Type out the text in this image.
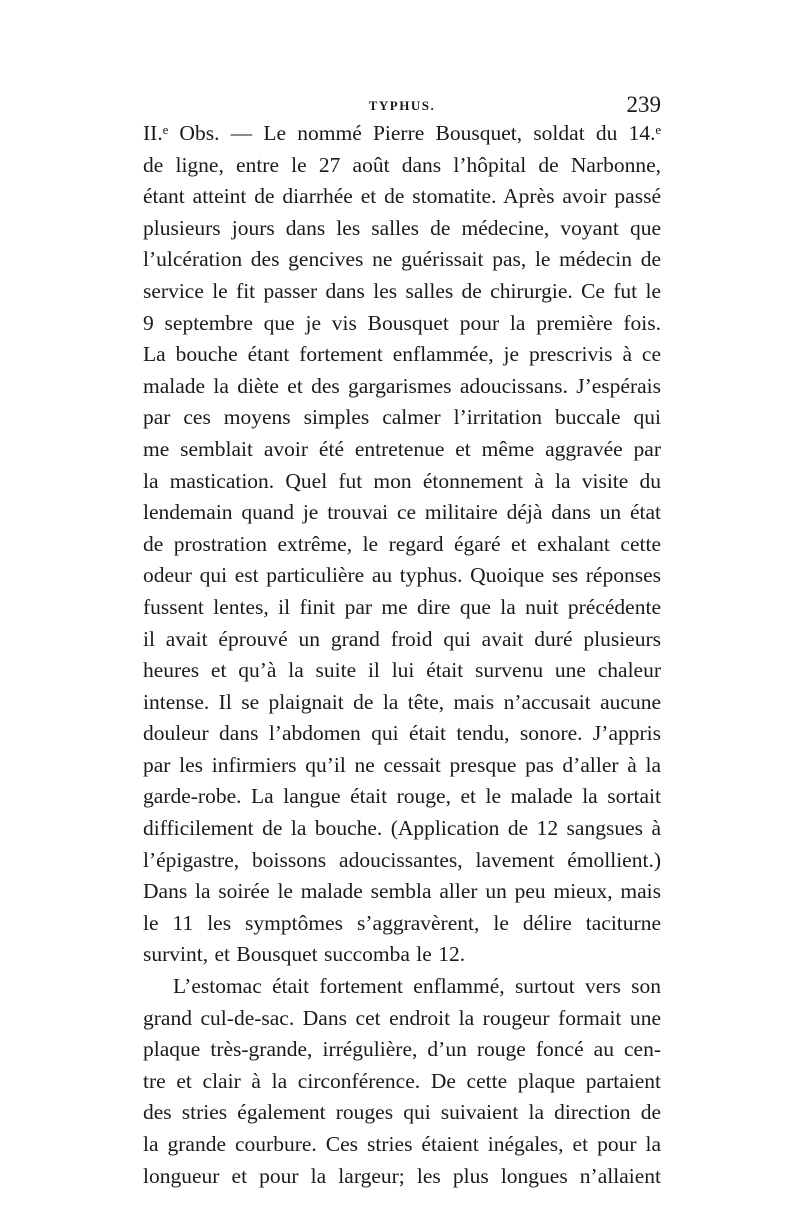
TYPHUS.	239
II.ᵉ Obs. — Le nommé Pierre Bousquet, soldat du 14.ᵉ
de ligne, entre le 27 août dans l’hôpital de Narbonne,
étant atteint de diarrhée et de stomatite. Après avoir passé
plusieurs jours dans les salles de médecine, voyant que
l’ulcération des gencives ne guérissait pas, le médecin de
service le fit passer dans les salles de chirurgie. Ce fut le
9 septembre que je vis Bousquet pour la première fois.
La bouche étant fortement enflammée, je prescrivis à ce
malade la diète et des gargarismes adoucissans. J’espérais
par ces moyens simples calmer l’irritation buccale qui
me semblait avoir été entretenue et même aggravée par
la mastication. Quel fut mon étonnement à la visite du
lendemain quand je trouvai ce militaire déjà dans un état
de prostration extrême, le regard égaré et exhalant cette
odeur qui est particulière au typhus. Quoique ses réponses
fussent lentes, il finit par me dire que la nuit précédente
il avait éprouvé un grand froid qui avait duré plusieurs
heures et qu’à la suite il lui était survenu une chaleur
intense. Il se plaignait de la tête, mais n’accusait aucune
douleur dans l’abdomen qui était tendu, sonore. J’appris
par les infirmiers qu’il ne cessait presque pas d’aller à la
garde-robe. La langue était rouge, et le malade la sortait
difficilement de la bouche. (Application de 12 sangsues à
l’épigastre, boissons adoucissantes, lavement émollient.)
Dans la soirée le malade sembla aller un peu mieux, mais
le 11 les symptômes s’aggravèrent, le délire taciturne
survint, et Bousquet succomba le 12.
L’estomac était fortement enflammé, surtout vers son
grand cul-de-sac. Dans cet endroit la rougeur formait une
plaque très-grande, irrégulière, d’un rouge foncé au cen-
tre et clair à la circonférence. De cette plaque partaient
des stries également rouges qui suivaient la direction de
la grande courbure. Ces stries étaient inégales, et pour la
longueur et pour la largeur; les plus longues n’allaient
